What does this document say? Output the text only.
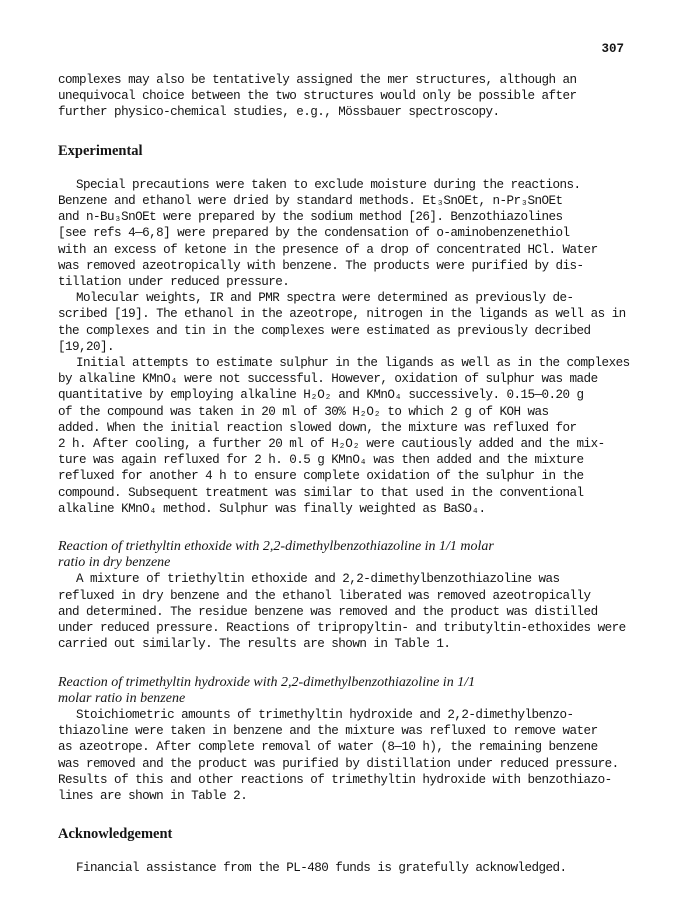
307
complexes may also be tentatively assigned the mer structures, although an
unequivocal choice between the two structures would only be possible after
further physico-chemical studies, e.g., Mössbauer spectroscopy.
Experimental
Special precautions were taken to exclude moisture during the reactions.
Benzene and ethanol were dried by standard methods. Et₃SnOEt, n-Pr₃SnOEt
and n-Bu₃SnOEt were prepared by the sodium method [26]. Benzothiazolines
[see refs 4—6,8] were prepared by the condensation of o-aminobenzenethiol
with an excess of ketone in the presence of a drop of concentrated HCl. Water
was removed azeotropically with benzene. The products were purified by dis-
tillation under reduced pressure.
Molecular weights, IR and PMR spectra were determined as previously de-
scribed [19]. The ethanol in the azeotrope, nitrogen in the ligands as well as in
the complexes and tin in the complexes were estimated as previously decribed
[19,20].
Initial attempts to estimate sulphur in the ligands as well as in the complexes
by alkaline KMnO₄ were not successful. However, oxidation of sulphur was made
quantitative by employing alkaline H₂O₂ and KMnO₄ successively. 0.15—0.20 g
of the compound was taken in 20 ml of 30% H₂O₂ to which 2 g of KOH was
added. When the initial reaction slowed down, the mixture was refluxed for
2 h. After cooling, a further 20 ml of H₂O₂ were cautiously added and the mix-
ture was again refluxed for 2 h. 0.5 g KMnO₄ was then added and the mixture
refluxed for another 4 h to ensure complete oxidation of the sulphur in the
compound. Subsequent treatment was similar to that used in the conventional
alkaline KMnO₄ method. Sulphur was finally weighted as BaSO₄.
Reaction of triethyltin ethoxide with 2,2-dimethylbenzothiazoline in 1/1 molar
ratio in dry benzene
A mixture of triethyltin ethoxide and 2,2-dimethylbenzothiazoline was
refluxed in dry benzene and the ethanol liberated was removed azeotropically
and determined. The residue benzene was removed and the product was distilled
under reduced pressure. Reactions of tripropyltin- and tributyltin-ethoxides were
carried out similarly. The results are shown in Table 1.
Reaction of trimethyltin hydroxide with 2,2-dimethylbenzothiazoline in 1/1
molar ratio in benzene
Stoichiometric amounts of trimethyltin hydroxide and 2,2-dimethylbenzo-
thiazoline were taken in benzene and the mixture was refluxed to remove water
as azeotrope. After complete removal of water (8—10 h), the remaining benzene
was removed and the product was purified by distillation under reduced pressure.
Results of this and other reactions of trimethyltin hydroxide with benzothiazo-
lines are shown in Table 2.
Acknowledgement
Financial assistance from the PL-480 funds is gratefully acknowledged.
